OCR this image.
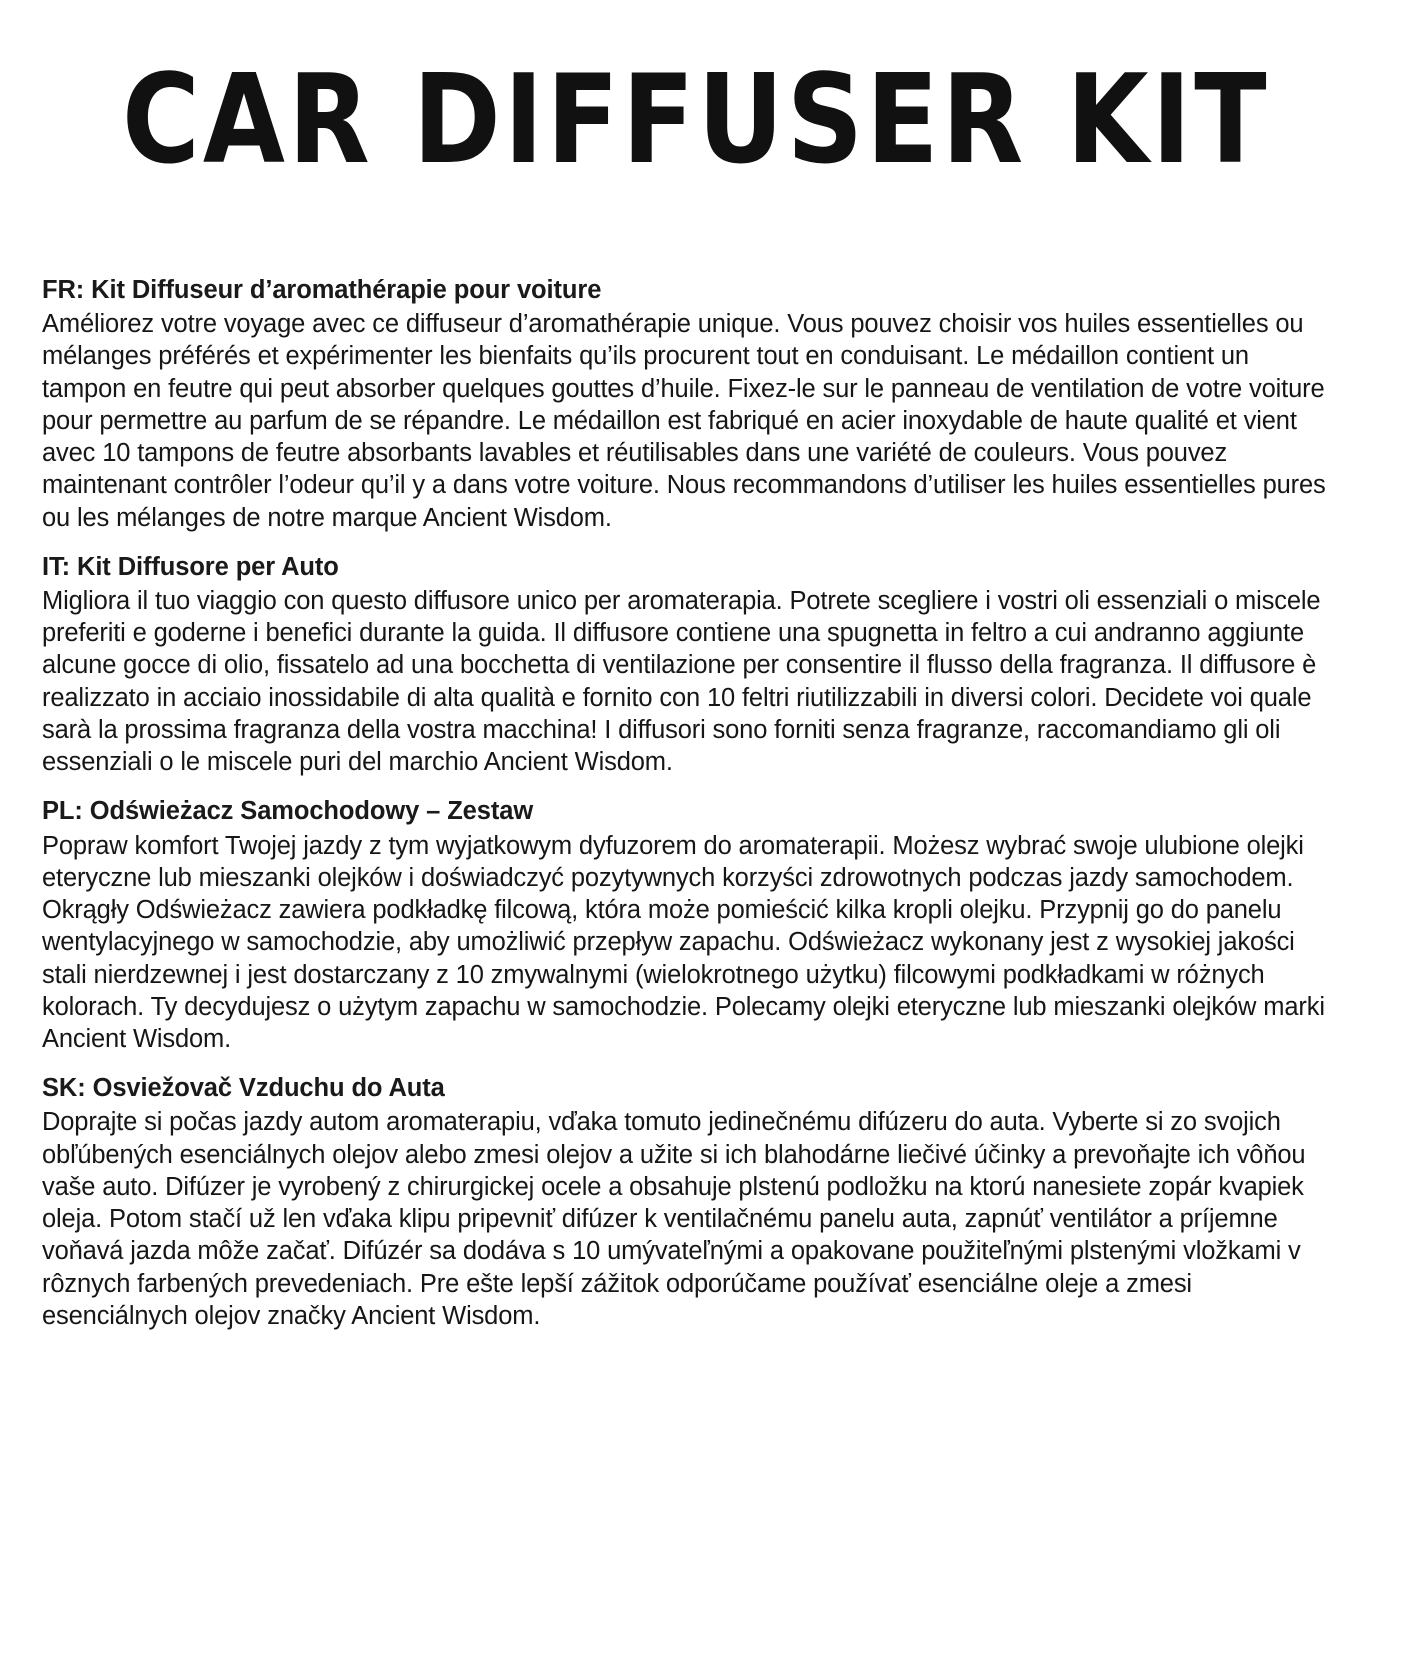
CAR DIFFUSER KIT

FR: Kit Diffuseur d’aromathérapie pour voiture

Améliorez votre voyage avec ce diffuseur d’aromathérapie unique. Vous pouvez choisir vos huiles essentielles ou mélanges préférés et expérimenter les bienfaits qu’ils procurent tout en conduisant. Le médaillon contient un tampon en feutre qui peut absorber quelques gouttes d’huile. Fixez-le sur le panneau de ventilation de votre voiture pour permettre au parfum de se répandre. Le médaillon est fabriqué en acier inoxydable de haute qualité et vient avec 10 tampons de feutre absorbants lavables et réutilisables dans une variété de couleurs. Vous pouvez maintenant contrôler l’odeur qu’il y a dans votre voiture. Nous recommandons d’utiliser les huiles essentielles pures ou les mélanges de notre marque Ancient Wisdom.

IT: Kit Diffusore per Auto

Migliora il tuo viaggio con questo diffusore unico per aromaterapia. Potrete scegliere i vostri oli essenziali o miscele preferiti e goderne i benefici durante la guida. Il diffusore contiene una spugnetta in feltro a cui andranno aggiunte alcune gocce di olio, fissatelo ad una bocchetta di ventilazione per consentire il flusso della fragranza. Il diffusore è realizzato in acciaio inossidabile di alta qualità e fornito con 10 feltri riutilizzabili in diversi colori. Decidete voi quale sarà la prossima fragranza della vostra macchina! I diffusori sono forniti senza fragranze, raccomandiamo gli oli essenziali o le miscele puri del marchio Ancient Wisdom.

PL: Odświeżacz Samochodowy – Zestaw

Popraw komfort Twojej jazdy z tym wyjatkowym dyfuzorem do aromaterapii. Możesz wybrać swoje ulubione olejki eteryczne lub mieszanki olejków i doświadczyć pozytywnych korzyści zdrowotnych podczas jazdy samochodem. Okrągły Odświeżacz zawiera podkładkę filcową, która może pomieścić kilka kropli olejku. Przypnij go do panelu wentylacyjnego w samochodzie, aby umożliwić przepływ zapachu. Odświeżacz wykonany jest z wysokiej jakości stali nierdzewnej i jest dostarczany z 10 zmywalnymi (wielokrotnego użytku) filcowymi podkładkami w różnych kolorach. Ty decydujesz o użytym zapachu w samochodzie. Polecamy olejki eteryczne lub mieszanki olejków marki Ancient Wisdom.

SK: Osviežovač Vzduchu do Auta

Doprajte si počas jazdy autom aromaterapiu, vďaka tomuto jedinečnému difúzeru do auta. Vyberte si zo svojich obľúbených esenciálnych olejov alebo zmesi olejov a užite si ich blahodárne liečivé účinky a prevoňajte ich vôňou vaše auto. Difúzer je vyrobený z chirurgickej ocele a obsahuje plstenú podložku na ktorú nanesiete zopár kvapiek oleja. Potom stačí už len vďaka klipu pripevniť difúzer k ventilačnému panelu auta, zapnúť ventilátor a príjemne voňavá jazda môže začať. Difúzér sa dodáva s 10 umývateľnými a opakovane použiteľnými plstenými vložkami v rôznych farbených prevedeniach. Pre ešte lepší zážitok odporúčame používať esenciálne oleje a zmesi esenciálnych olejov značky Ancient Wisdom.
